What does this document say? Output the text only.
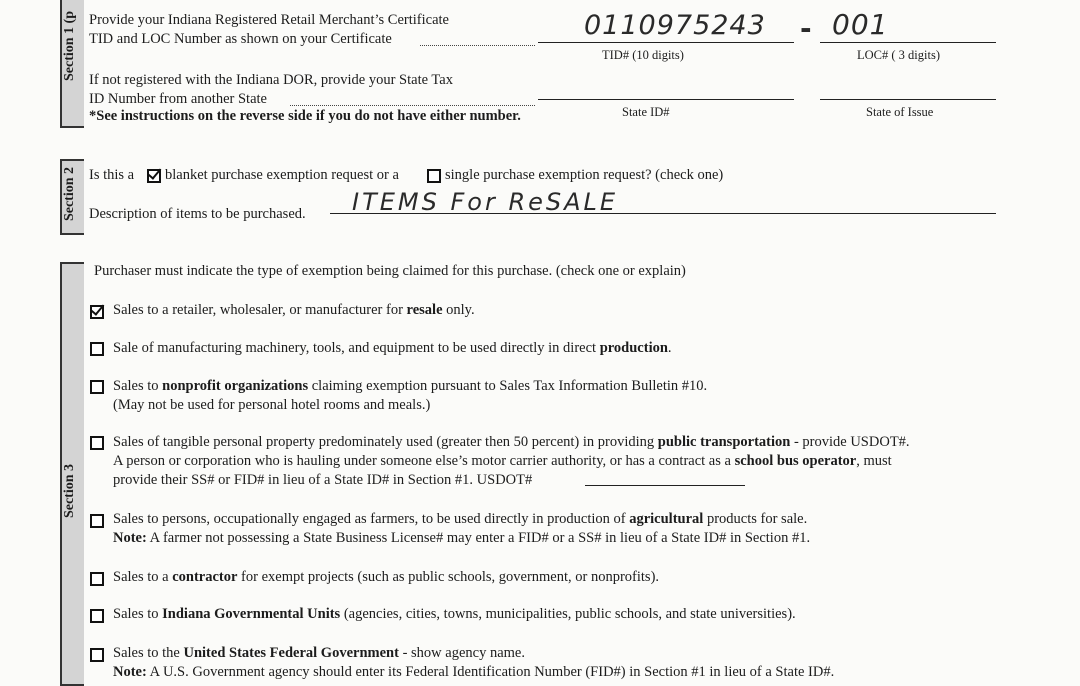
Section 1 (p Provide your Indiana Registered Retail Merchant’s Certificate
TID and LOC Number as shown on your Certificate	0110975243 - 001
TID# (10 digits)	LOC# ( 3 digits)
If not registered with the Indiana DOR, provide your State Tax
ID Number from another State
State ID#	State of Issue
*See instructions on the reverse side if you do not have either number.
Section 2 Is this a blanket purchase exemption request or a	single purchase exemption request? (check one)
Description of items to be purchased. ITEMS For ReSALE
Section 3
Purchaser must indicate the type of exemption being claimed for this purchase. (check one or explain)
Sales to a retailer, wholesaler, or manufacturer for resale only.
Sale of manufacturing machinery, tools, and equipment to be used directly in direct production.
Sales to nonprofit organizations claiming exemption pursuant to Sales Tax Information Bulletin #10.
(May not be used for personal hotel rooms and meals.)
Sales of tangible personal property predominately used (greater then 50 percent) in providing public transportation - provide USDOT#.
A person or corporation who is hauling under someone else’s motor carrier authority, or has a contract as a school bus operator, must
provide their SS# or FID# in lieu of a State ID# in Section #1. USDOT#
Sales to persons, occupationally engaged as farmers, to be used directly in production of agricultural products for sale.
Note: A farmer not possessing a State Business License# may enter a FID# or a SS# in lieu of a State ID# in Section #1.
Sales to a contractor for exempt projects (such as public schools, government, or nonprofits).
Sales to Indiana Governmental Units (agencies, cities, towns, municipalities, public schools, and state universities).
Sales to the United States Federal Government - show agency name.
Note: A U.S. Government agency should enter its Federal Identification Number (FID#) in Section #1 in lieu of a State ID#.
